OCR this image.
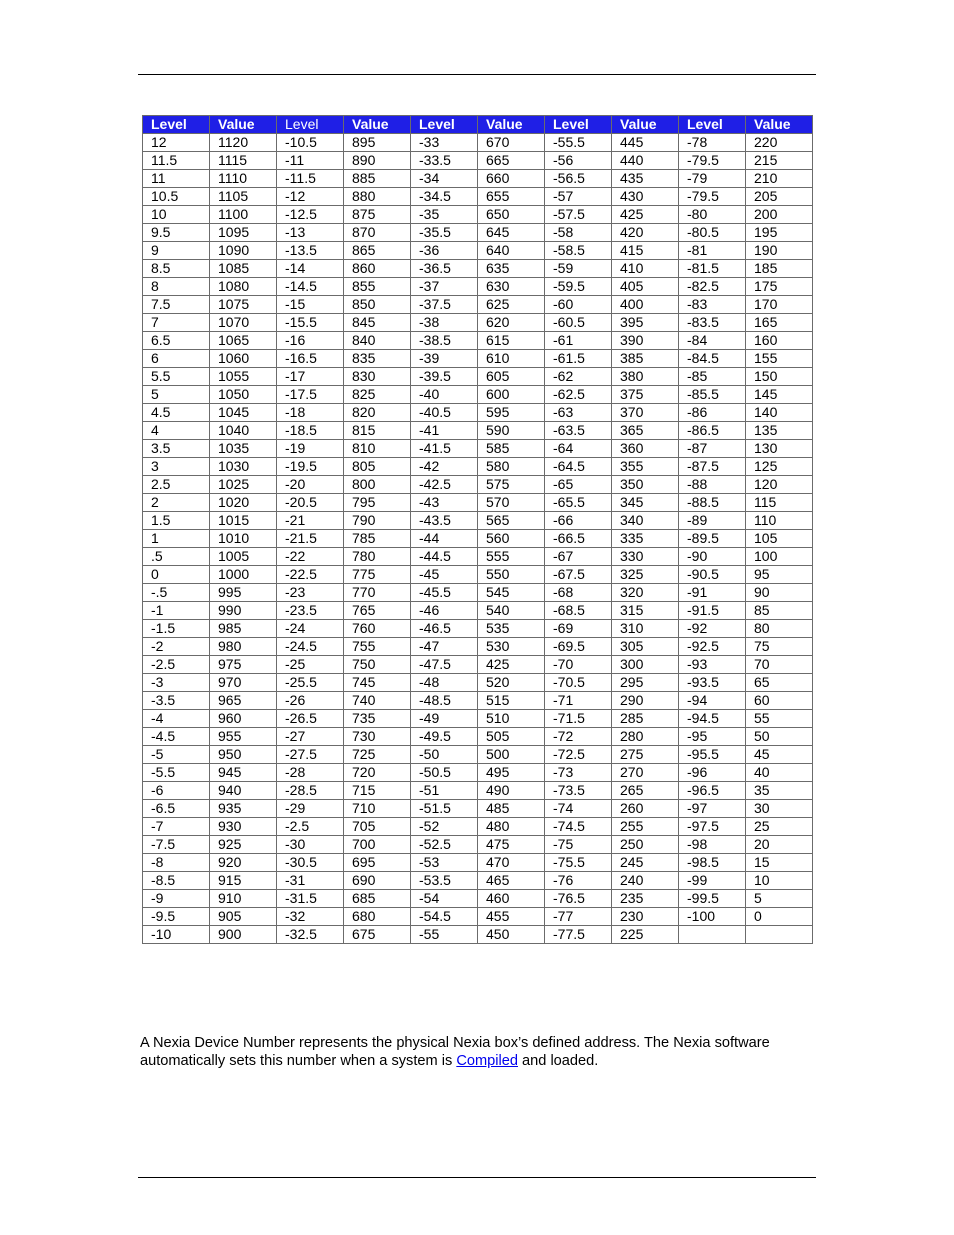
Level	Value	Level	Value	Level	Value	Level	Value	Level	Value
12	1120	-10.5	895	-33	670	-55.5	445	-78	220
11.5	1115	-11	890	-33.5	665	-56	440	-79.5	215
11	1110	-11.5	885	-34	660	-56.5	435	-79	210
10.5	1105	-12	880	-34.5	655	-57	430	-79.5	205
10	1100	-12.5	875	-35	650	-57.5	425	-80	200
9.5	1095	-13	870	-35.5	645	-58	420	-80.5	195
9	1090	-13.5	865	-36	640	-58.5	415	-81	190
8.5	1085	-14	860	-36.5	635	-59	410	-81.5	185
8	1080	-14.5	855	-37	630	-59.5	405	-82.5	175
7.5	1075	-15	850	-37.5	625	-60	400	-83	170
7	1070	-15.5	845	-38	620	-60.5	395	-83.5	165
6.5	1065	-16	840	-38.5	615	-61	390	-84	160
6	1060	-16.5	835	-39	610	-61.5	385	-84.5	155
5.5	1055	-17	830	-39.5	605	-62	380	-85	150
5	1050	-17.5	825	-40	600	-62.5	375	-85.5	145
4.5	1045	-18	820	-40.5	595	-63	370	-86	140
4	1040	-18.5	815	-41	590	-63.5	365	-86.5	135
3.5	1035	-19	810	-41.5	585	-64	360	-87	130
3	1030	-19.5	805	-42	580	-64.5	355	-87.5	125
2.5	1025	-20	800	-42.5	575	-65	350	-88	120
2	1020	-20.5	795	-43	570	-65.5	345	-88.5	115
1.5	1015	-21	790	-43.5	565	-66	340	-89	110
1	1010	-21.5	785	-44	560	-66.5	335	-89.5	105
.5	1005	-22	780	-44.5	555	-67	330	-90	100
0	1000	-22.5	775	-45	550	-67.5	325	-90.5	95
-.5	995	-23	770	-45.5	545	-68	320	-91	90
-1	990	-23.5	765	-46	540	-68.5	315	-91.5	85
-1.5	985	-24	760	-46.5	535	-69	310	-92	80
-2	980	-24.5	755	-47	530	-69.5	305	-92.5	75
-2.5	975	-25	750	-47.5	425	-70	300	-93	70
-3	970	-25.5	745	-48	520	-70.5	295	-93.5	65
-3.5	965	-26	740	-48.5	515	-71	290	-94	60
-4	960	-26.5	735	-49	510	-71.5	285	-94.5	55
-4.5	955	-27	730	-49.5	505	-72	280	-95	50
-5	950	-27.5	725	-50	500	-72.5	275	-95.5	45
-5.5	945	-28	720	-50.5	495	-73	270	-96	40
-6	940	-28.5	715	-51	490	-73.5	265	-96.5	35
-6.5	935	-29	710	-51.5	485	-74	260	-97	30
-7	930	-2.5	705	-52	480	-74.5	255	-97.5	25
-7.5	925	-30	700	-52.5	475	-75	250	-98	20
-8	920	-30.5	695	-53	470	-75.5	245	-98.5	15
-8.5	915	-31	690	-53.5	465	-76	240	-99	10
-9	910	-31.5	685	-54	460	-76.5	235	-99.5	5
-9.5	905	-32	680	-54.5	455	-77	230	-100	0
-10	900	-32.5	675	-55	450	-77.5	225		
A Nexia Device Number represents the physical Nexia box’s defined address. The Nexia software automatically sets this number when a system is Compiled and loaded.
